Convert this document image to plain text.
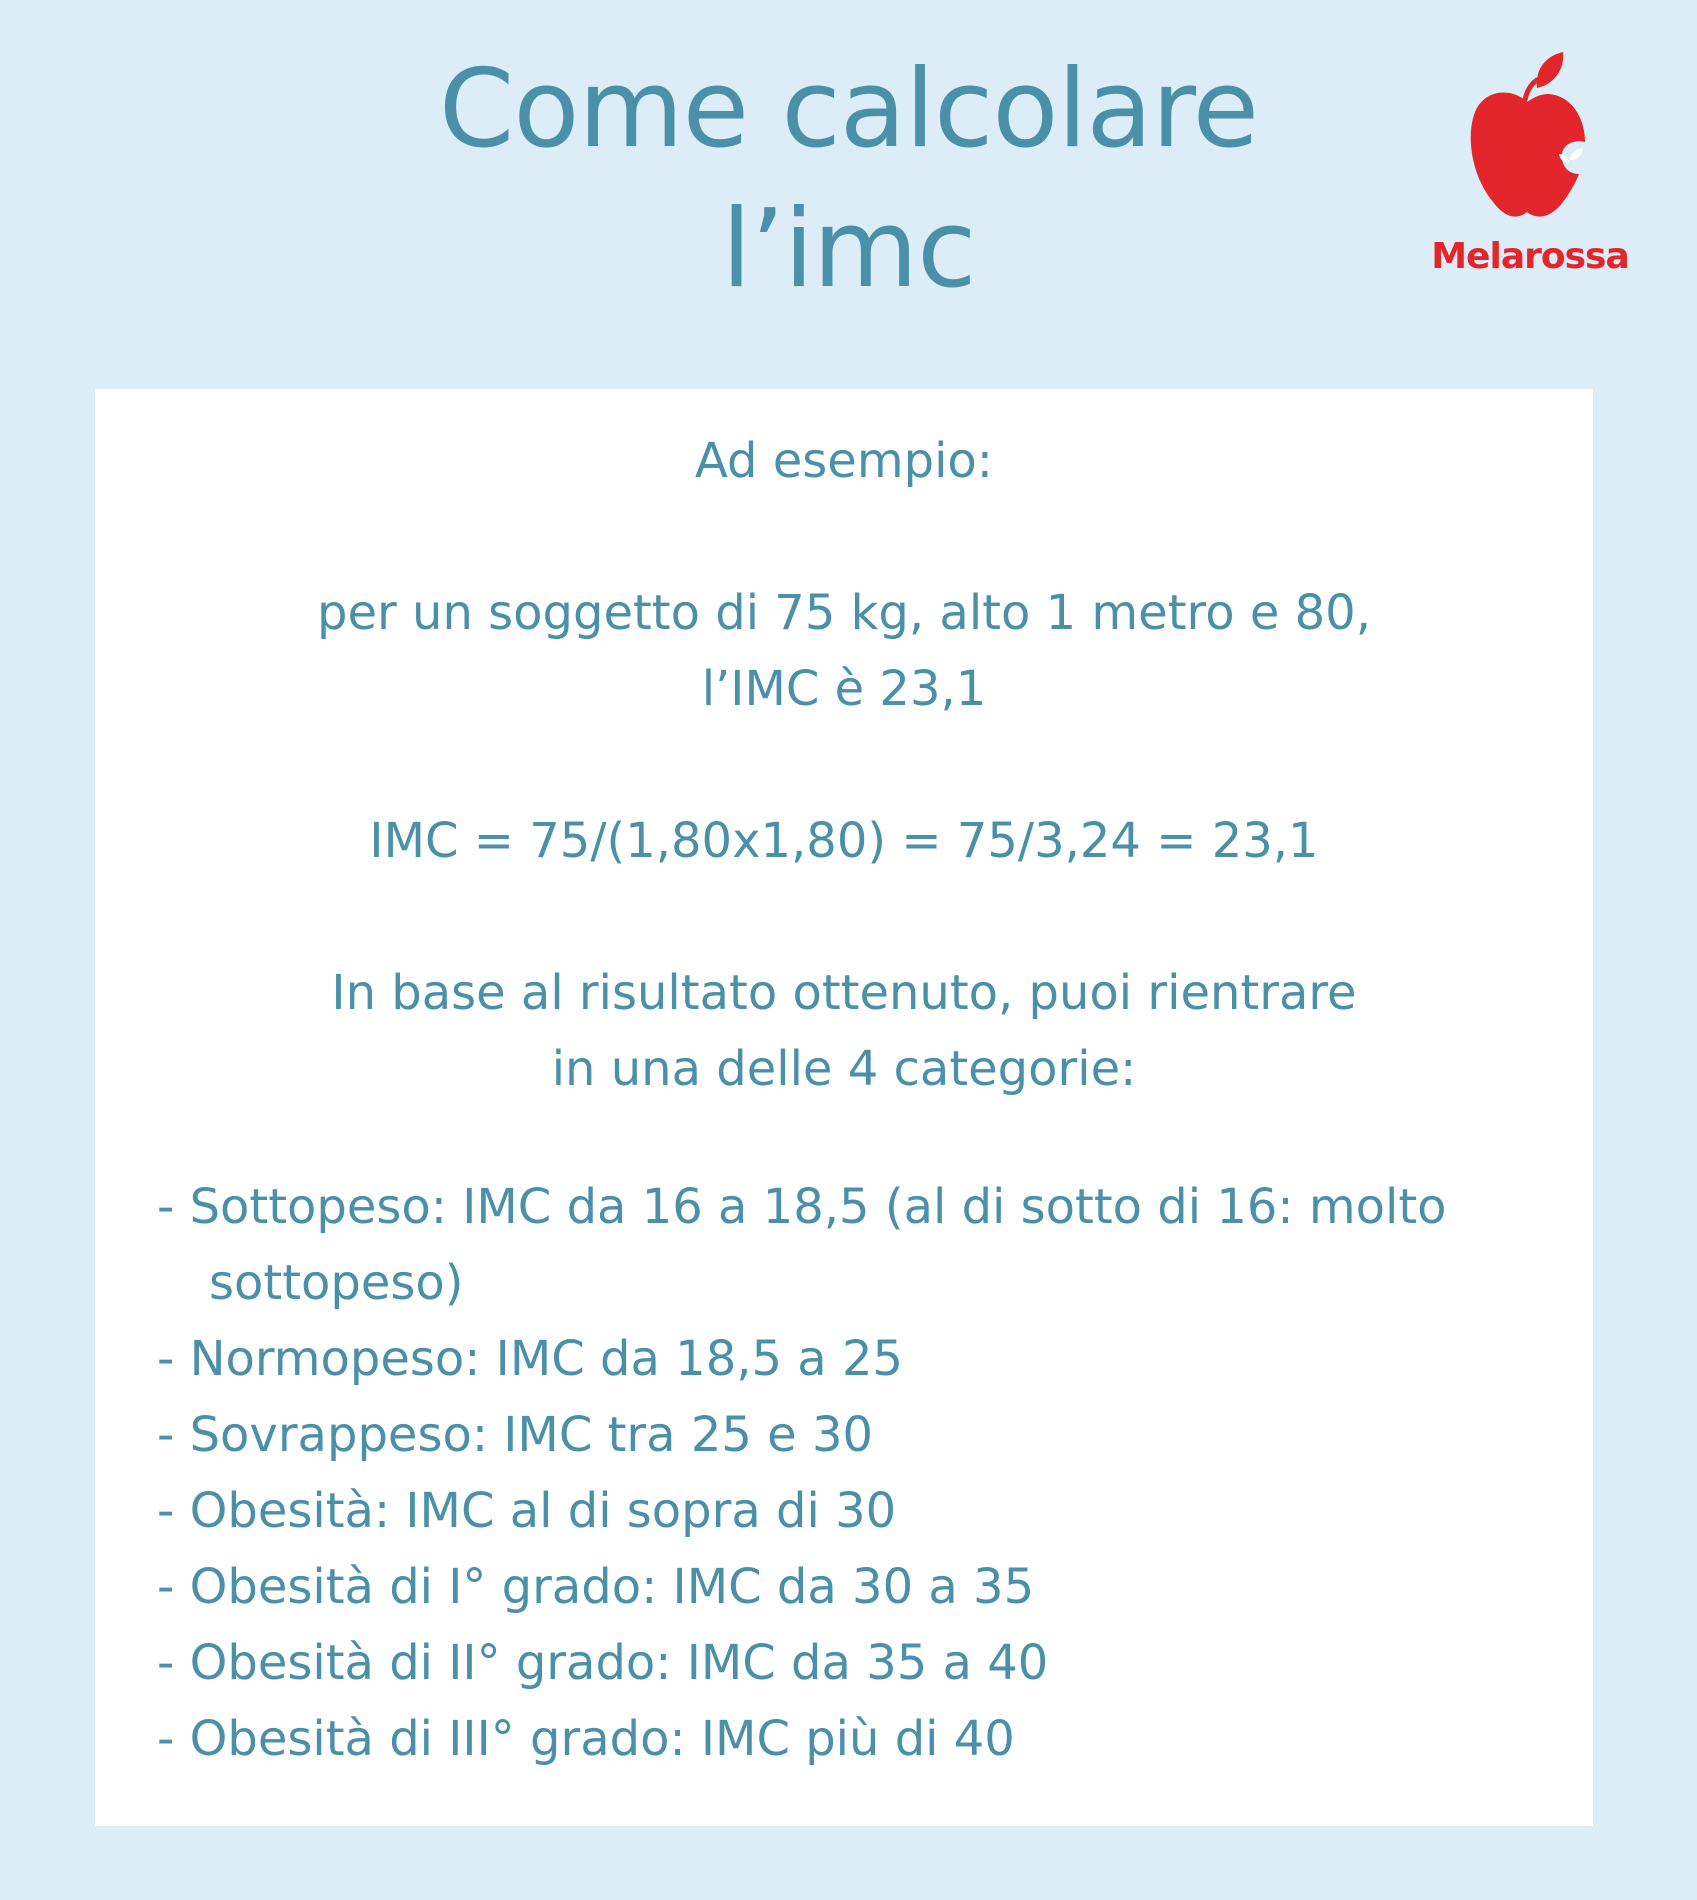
Come calcolare
l’imc	Melarossa
Ad esempio:
per un soggetto di 75 kg, alto 1 metro e 80,
l’IMC è 23,1
IMC = 75/(1,80x1,80) = 75/3,24 = 23,1
In base al risultato ottenuto, puoi rientrare
in una delle 4 categorie:
- Sottopeso: IMC da 16 a 18,5 (al di sotto di 16: molto
sottopeso)
- Normopeso: IMC da 18,5 a 25
- Sovrappeso: IMC tra 25 e 30
- Obesità: IMC al di sopra di 30
- Obesità di I° grado: IMC da 30 a 35
- Obesità di II° grado: IMC da 35 a 40
- Obesità di III° grado: IMC più di 40
